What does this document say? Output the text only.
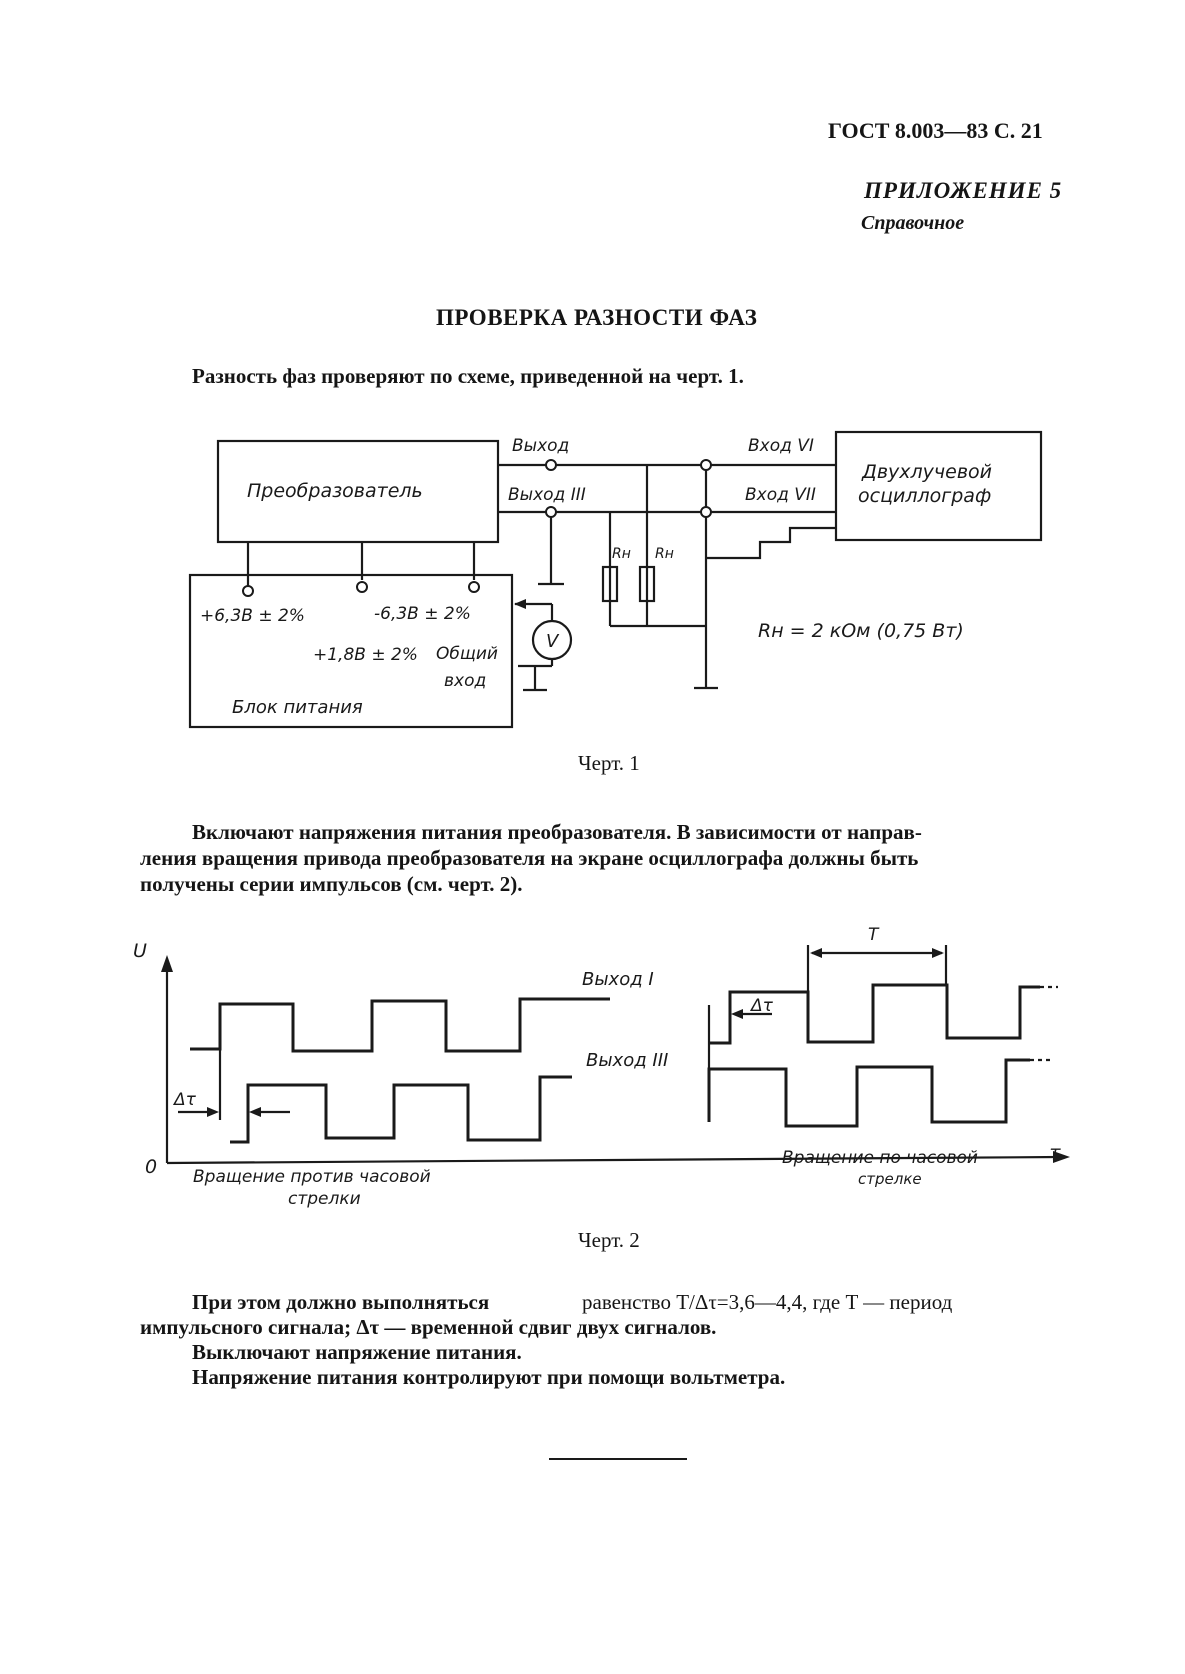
ГОСТ 8.003—83 С. 21
ПРИЛОЖЕНИЕ 5
Справочное
ПРОВЕРКА РАЗНОСТИ ФАЗ
Разность фаз проверяют по схеме, приведенной на черт. 1.
Преобразователь
Двухлучевой
осциллограф
Выход
Выход III
Вход VI
Вход VII
Rн Rн
Rн = 2 кОм (0,75 Вт)
+6,3В ± 2%	-6,3В ± 2%
+1,8В ± 2% Общий
вход
V
Блок питания
Черт. 1
Включают напряжения питания преобразователя. В зависимости от направ-
ления вращения привода преобразователя на экране осциллографа должны быть
получены серии импульсов (см. черт. 2).
U
0
T
Выход I
Выход III
Δτ
Δτ
T
Вращение против часовой
стрелки
Вращение по часовой
стрелке
Черт. 2
При этом должно выполняться	равенство T/Δτ=3,6—4,4, где T — период
импульсного сигнала; Δτ — временной сдвиг двух сигналов.
Выключают напряжение питания.
Напряжение питания контролируют при помощи вольтметра.
